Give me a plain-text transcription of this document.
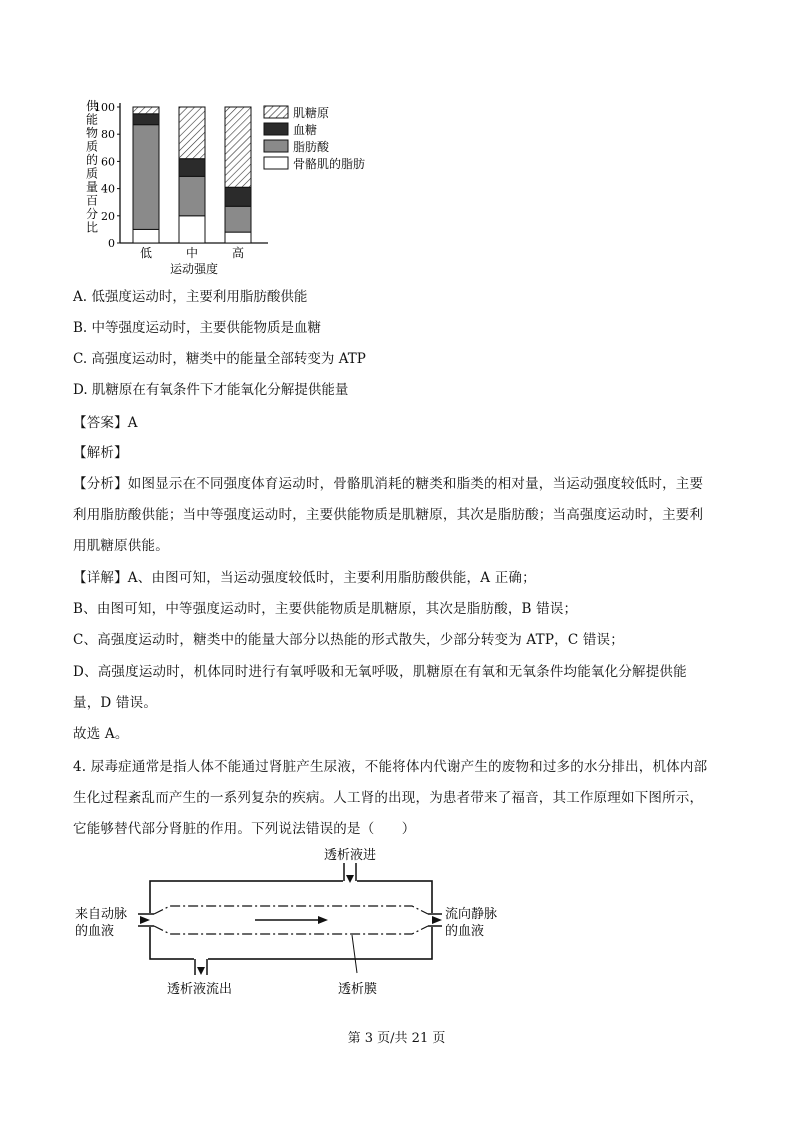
供
能
物
质
的
质
量
百
分
比
0
20
40
60
80
100
低	中	高
运动强度
肌糖原
血糖
脂肪酸
骨骼肌的脂肪
A. 低强度运动时，主要利用脂肪酸供能
B. 中等强度运动时，主要供能物质是血糖
C. 高强度运动时，糖类中的能量全部转变为 ATP
D. 肌糖原在有氧条件下才能氧化分解提供能量
【答案】A
【解析】
【分析】如图显示在不同强度体育运动时，骨骼肌消耗的糖类和脂类的相对量，当运动强度较低时，主要
利用脂肪酸供能；当中等强度运动时，主要供能物质是肌糖原，其次是脂肪酸；当高强度运动时，主要利
用肌糖原供能。
【详解】A、由图可知，当运动强度较低时，主要利用脂肪酸供能，A 正确；
B、由图可知，中等强度运动时，主要供能物质是肌糖原，其次是脂肪酸，B 错误；
C、高强度运动时，糖类中的能量大部分以热能的形式散失，少部分转变为 ATP，C 错误；
D、高强度运动时，机体同时进行有氧呼吸和无氧呼吸，肌糖原在有氧和无氧条件均能氧化分解提供能
量，D 错误。
故选 A。
4. 尿毒症通常是指人体不能通过肾脏产生尿液，不能将体内代谢产生的废物和过多的水分排出，机体内部
生化过程紊乱而产生的一系列复杂的疾病。人工肾的出现，为患者带来了福音，其工作原理如下图所示，
它能够替代部分肾脏的作用。下列说法错误的是（　　）
透析液进
来自动脉
的血液
流向静脉
的血液
透析液流出	透析膜
第 3 页/共 21 页
